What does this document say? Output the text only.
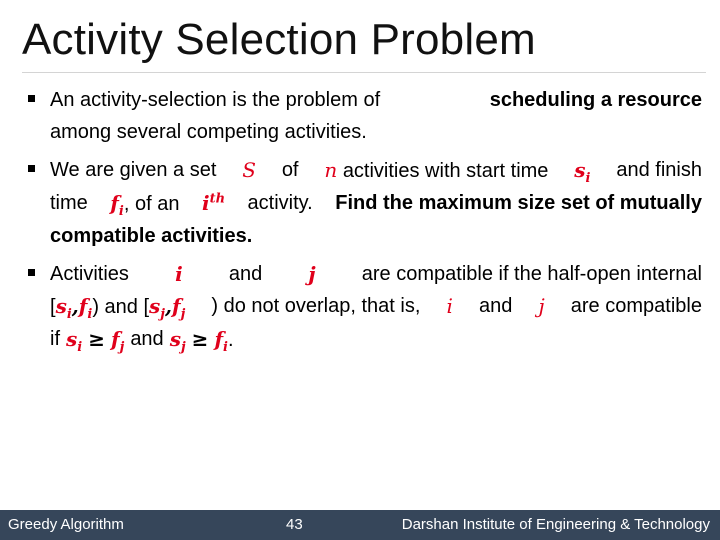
Activity Selection Problem
An activity-selection is the problem of	scheduling a resource
among several competing activities.
We are given a set S of n activities with start time $s_i$ and finish
time $f_i$, of an $i^{th}$ activity. Find the maximum size set of mutually
compatible activities.
Activities i and j are compatible if the half-open internal
$[s_i,f_i)$ and [$s_j,f_j$ ) do not overlap, that is, i and j are compatible
if $s_i \ge f_j$ and $s_j \ge f_i$.
Greedy Algorithm	43	Darshan Institute of Engineering & Technology
